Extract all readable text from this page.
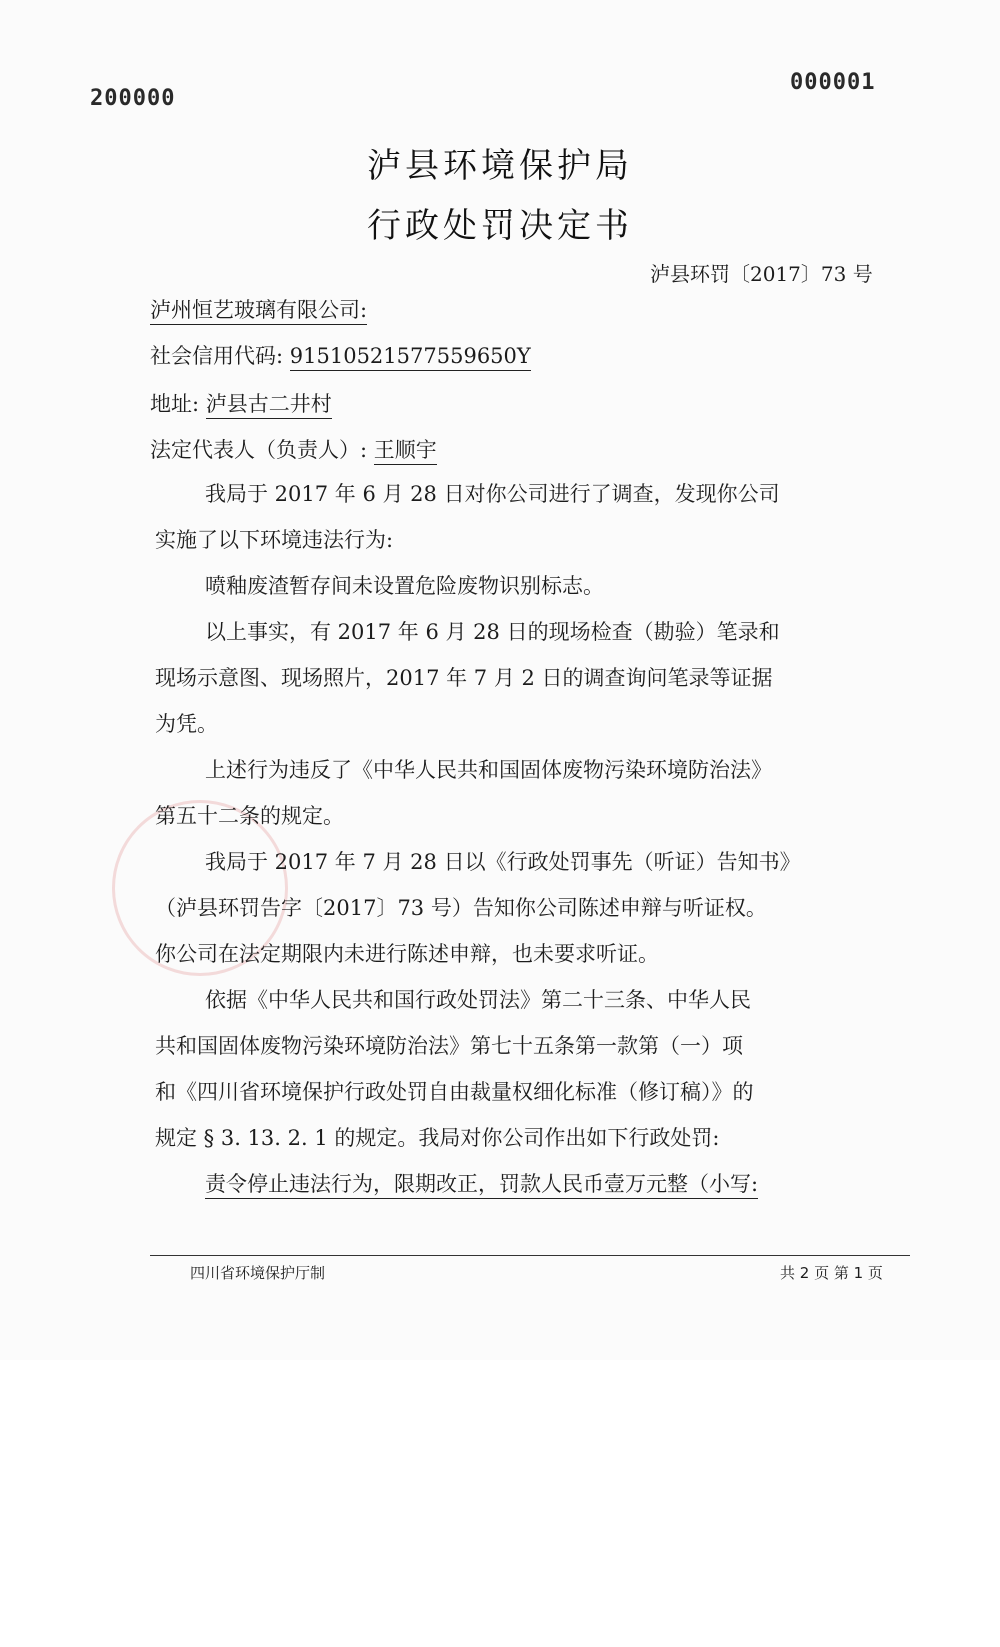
200000
000001
泸县环境保护局
行政处罚决定书
泸县环罚〔2017〕73 号
泸州恒艺玻璃有限公司:
社会信用代码: 91510521577559650Y
地址: 泸县古二井村
法定代表人（负责人）: 王顺宇
我局于 2017 年 6 月 28 日对你公司进行了调查，发现你公司
实施了以下环境违法行为:
喷釉废渣暂存间未设置危险废物识别标志。
以上事实，有 2017 年 6 月 28 日的现场检查（勘验）笔录和
现场示意图、现场照片，2017 年 7 月 2 日的调查询问笔录等证据
为凭。
上述行为违反了《中华人民共和国固体废物污染环境防治法》
第五十二条的规定。
我局于 2017 年 7 月 28 日以《行政处罚事先（听证）告知书》
（泸县环罚告字〔2017〕73 号）告知你公司陈述申辩与听证权。
你公司在法定期限内未进行陈述申辩，也未要求听证。
依据《中华人民共和国行政处罚法》第二十三条、中华人民
共和国固体废物污染环境防治法》第七十五条第一款第（一）项
和《四川省环境保护行政处罚自由裁量权细化标准（修订稿）》的
规定 § 3. 13. 2. 1 的规定。我局对你公司作出如下行政处罚:
责令停止违法行为，限期改正，罚款人民币壹万元整（小写:
四川省环境保护厅制	共 2 页 第 1 页
